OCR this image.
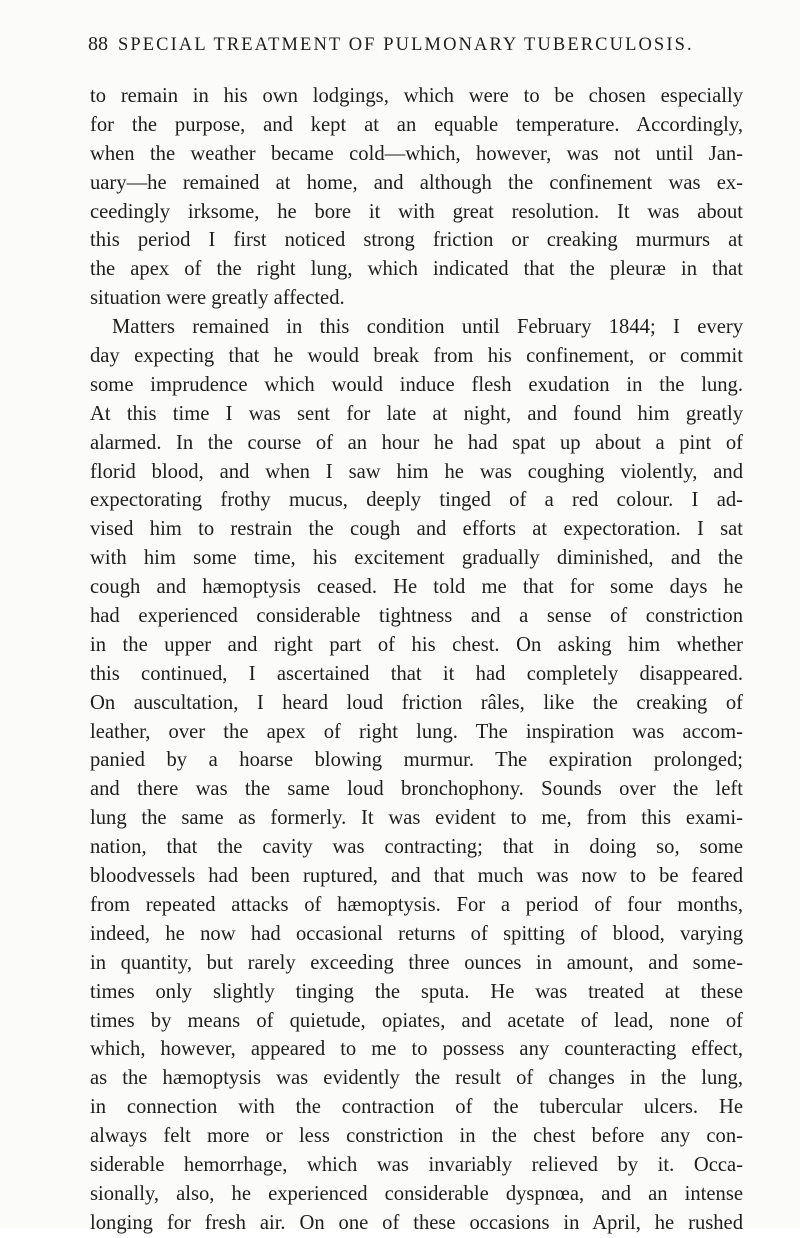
88 SPECIAL TREATMENT OF PULMONARY TUBERCULOSIS.
to remain in his own lodgings, which were to be chosen especially
for the purpose, and kept at an equable temperature. Accordingly,
when the weather became cold—which, however, was not until Jan-
uary—he remained at home, and although the confinement was ex-
ceedingly irksome, he bore it with great resolution. It was about
this period I first noticed strong friction or creaking murmurs at
the apex of the right lung, which indicated that the pleuræ in that
situation were greatly affected.
Matters remained in this condition until February 1844; I every
day expecting that he would break from his confinement, or commit
some imprudence which would induce flesh exudation in the lung.
At this time I was sent for late at night, and found him greatly
alarmed. In the course of an hour he had spat up about a pint of
florid blood, and when I saw him he was coughing violently, and
expectorating frothy mucus, deeply tinged of a red colour. I ad-
vised him to restrain the cough and efforts at expectoration. I sat
with him some time, his excitement gradually diminished, and the
cough and hæmoptysis ceased. He told me that for some days he
had experienced considerable tightness and a sense of constriction
in the upper and right part of his chest. On asking him whether
this continued, I ascertained that it had completely disappeared.
On auscultation, I heard loud friction râles, like the creaking of
leather, over the apex of right lung. The inspiration was accom-
panied by a hoarse blowing murmur. The expiration prolonged;
and there was the same loud bronchophony. Sounds over the left
lung the same as formerly. It was evident to me, from this exami-
nation, that the cavity was contracting; that in doing so, some
bloodvessels had been ruptured, and that much was now to be feared
from repeated attacks of hæmoptysis. For a period of four months,
indeed, he now had occasional returns of spitting of blood, varying
in quantity, but rarely exceeding three ounces in amount, and some-
times only slightly tinging the sputa. He was treated at these
times by means of quietude, opiates, and acetate of lead, none of
which, however, appeared to me to possess any counteracting effect,
as the hæmoptysis was evidently the result of changes in the lung,
in connection with the contraction of the tubercular ulcers. He
always felt more or less constriction in the chest before any con-
siderable hemorrhage, which was invariably relieved by it. Occa-
sionally, also, he experienced considerable dyspnœa, and an intense
longing for fresh air. On one of these occasions in April, he rushed
